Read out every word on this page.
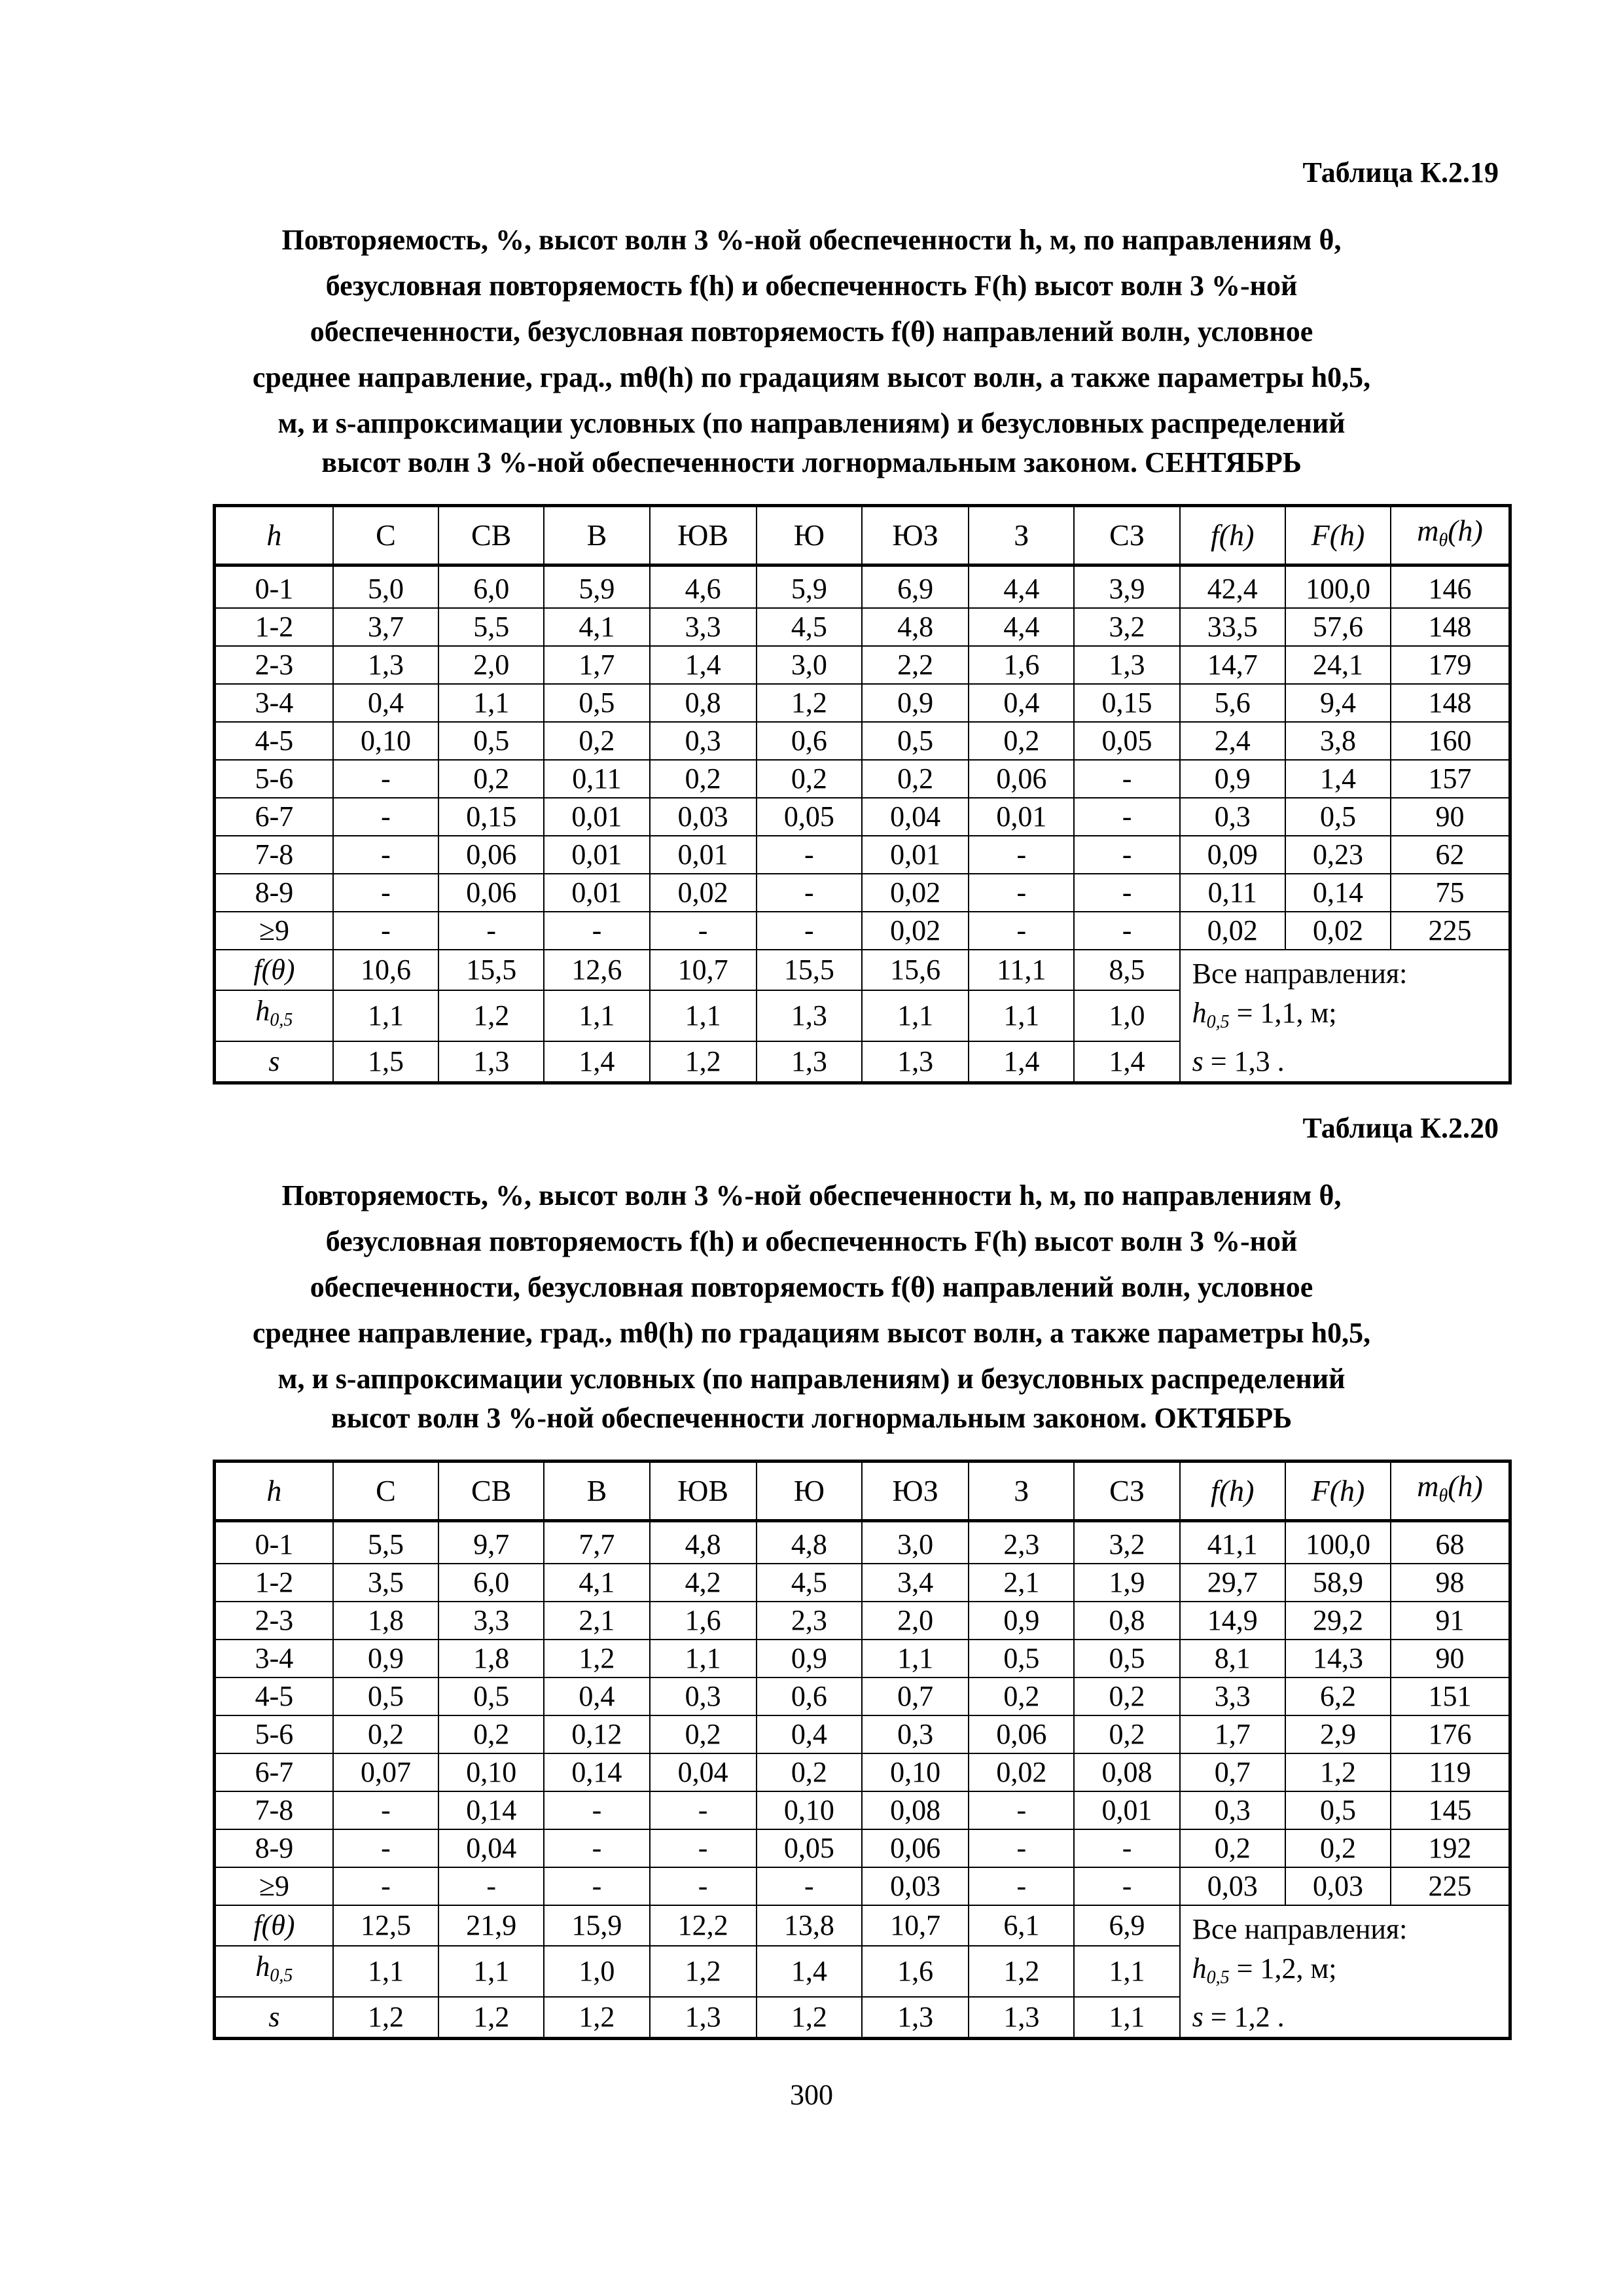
Таблица К.2.19
Повторяемость, %, высот волн 3 %-ной обеспеченности h, м, по направлениям θ,
безусловная повторяемость f(h) и обеспеченность F(h) высот волн 3 %-ной
обеспеченности, безусловная повторяемость f(θ) направлений волн, условное
среднее направление, град., mθ(h) по градациям высот волн, а также параметры h0,5,
м, и s-аппроксимации условных (по направлениям) и безусловных распределений
высот волн 3 %-ной обеспеченности логнормальным законом. СЕНТЯБРЬ
h	С	СВ	В	ЮВ	Ю	ЮЗ	З	СЗ	f(h)	F(h)	$m_\theta(h)$
0-1	5,0	6,0	5,9	4,6	5,9	6,9	4,4	3,9	42,4	100,0	146
1-2	3,7	5,5	4,1	3,3	4,5	4,8	4,4	3,2	33,5	57,6	148
2-3	1,3	2,0	1,7	1,4	3,0	2,2	1,6	1,3	14,7	24,1	179
3-4	0,4	1,1	0,5	0,8	1,2	0,9	0,4	0,15	5,6	9,4	148
4-5	0,10	0,5	0,2	0,3	0,6	0,5	0,2	0,05	2,4	3,8	160
5-6	-	0,2	0,11	0,2	0,2	0,2	0,06	-	0,9	1,4	157
6-7	-	0,15	0,01	0,03	0,05	0,04	0,01	-	0,3	0,5	90
7-8	-	0,06	0,01	0,01	-	0,01	-	-	0,09	0,23	62
8-9	-	0,06	0,01	0,02	-	0,02	-	-	0,11	0,14	75
≥9	-	-	-	-	-	0,02	-	-	0,02	0,02	225
f(θ)	10,6	15,5	12,6	10,7	15,5	15,6	11,1	8,5	Все направления:
$h_{0,5} = 1,1$, м;
s = 1,3 .		

$h_{0,5}$	1,1	1,2	1,1	1,1	1,3	1,1	1,1	1,0			
s	1,5	1,3	1,4	1,2	1,3	1,3	1,4	1,4			
Таблица К.2.20
Повторяемость, %, высот волн 3 %-ной обеспеченности h, м, по направлениям θ,
безусловная повторяемость f(h) и обеспеченность F(h) высот волн 3 %-ной
обеспеченности, безусловная повторяемость f(θ) направлений волн, условное
среднее направление, град., mθ(h) по градациям высот волн, а также параметры h0,5,
м, и s-аппроксимации условных (по направлениям) и безусловных распределений
высот волн 3 %-ной обеспеченности логнормальным законом. ОКТЯБРЬ
h	С	СВ	В	ЮВ	Ю	ЮЗ	З	СЗ	f(h)	F(h)	$m_\theta(h)$
0-1	5,5	9,7	7,7	4,8	4,8	3,0	2,3	3,2	41,1	100,0	68
1-2	3,5	6,0	4,1	4,2	4,5	3,4	2,1	1,9	29,7	58,9	98
2-3	1,8	3,3	2,1	1,6	2,3	2,0	0,9	0,8	14,9	29,2	91
3-4	0,9	1,8	1,2	1,1	0,9	1,1	0,5	0,5	8,1	14,3	90
4-5	0,5	0,5	0,4	0,3	0,6	0,7	0,2	0,2	3,3	6,2	151
5-6	0,2	0,2	0,12	0,2	0,4	0,3	0,06	0,2	1,7	2,9	176
6-7	0,07	0,10	0,14	0,04	0,2	0,10	0,02	0,08	0,7	1,2	119
7-8	-	0,14	-	-	0,10	0,08	-	0,01	0,3	0,5	145
8-9	-	0,04	-	-	0,05	0,06	-	-	0,2	0,2	192
≥9	-	-	-	-	-	0,03	-	-	0,03	0,03	225
f(θ)	12,5	21,9	15,9	12,2	13,8	10,7	6,1	6,9	Все направления:
$h_{0,5} = 1,2$, м;
s = 1,2 .		

$h_{0,5}$	1,1	1,1	1,0	1,2	1,4	1,6	1,2	1,1			
s	1,2	1,2	1,2	1,3	1,2	1,3	1,3	1,1			
300
